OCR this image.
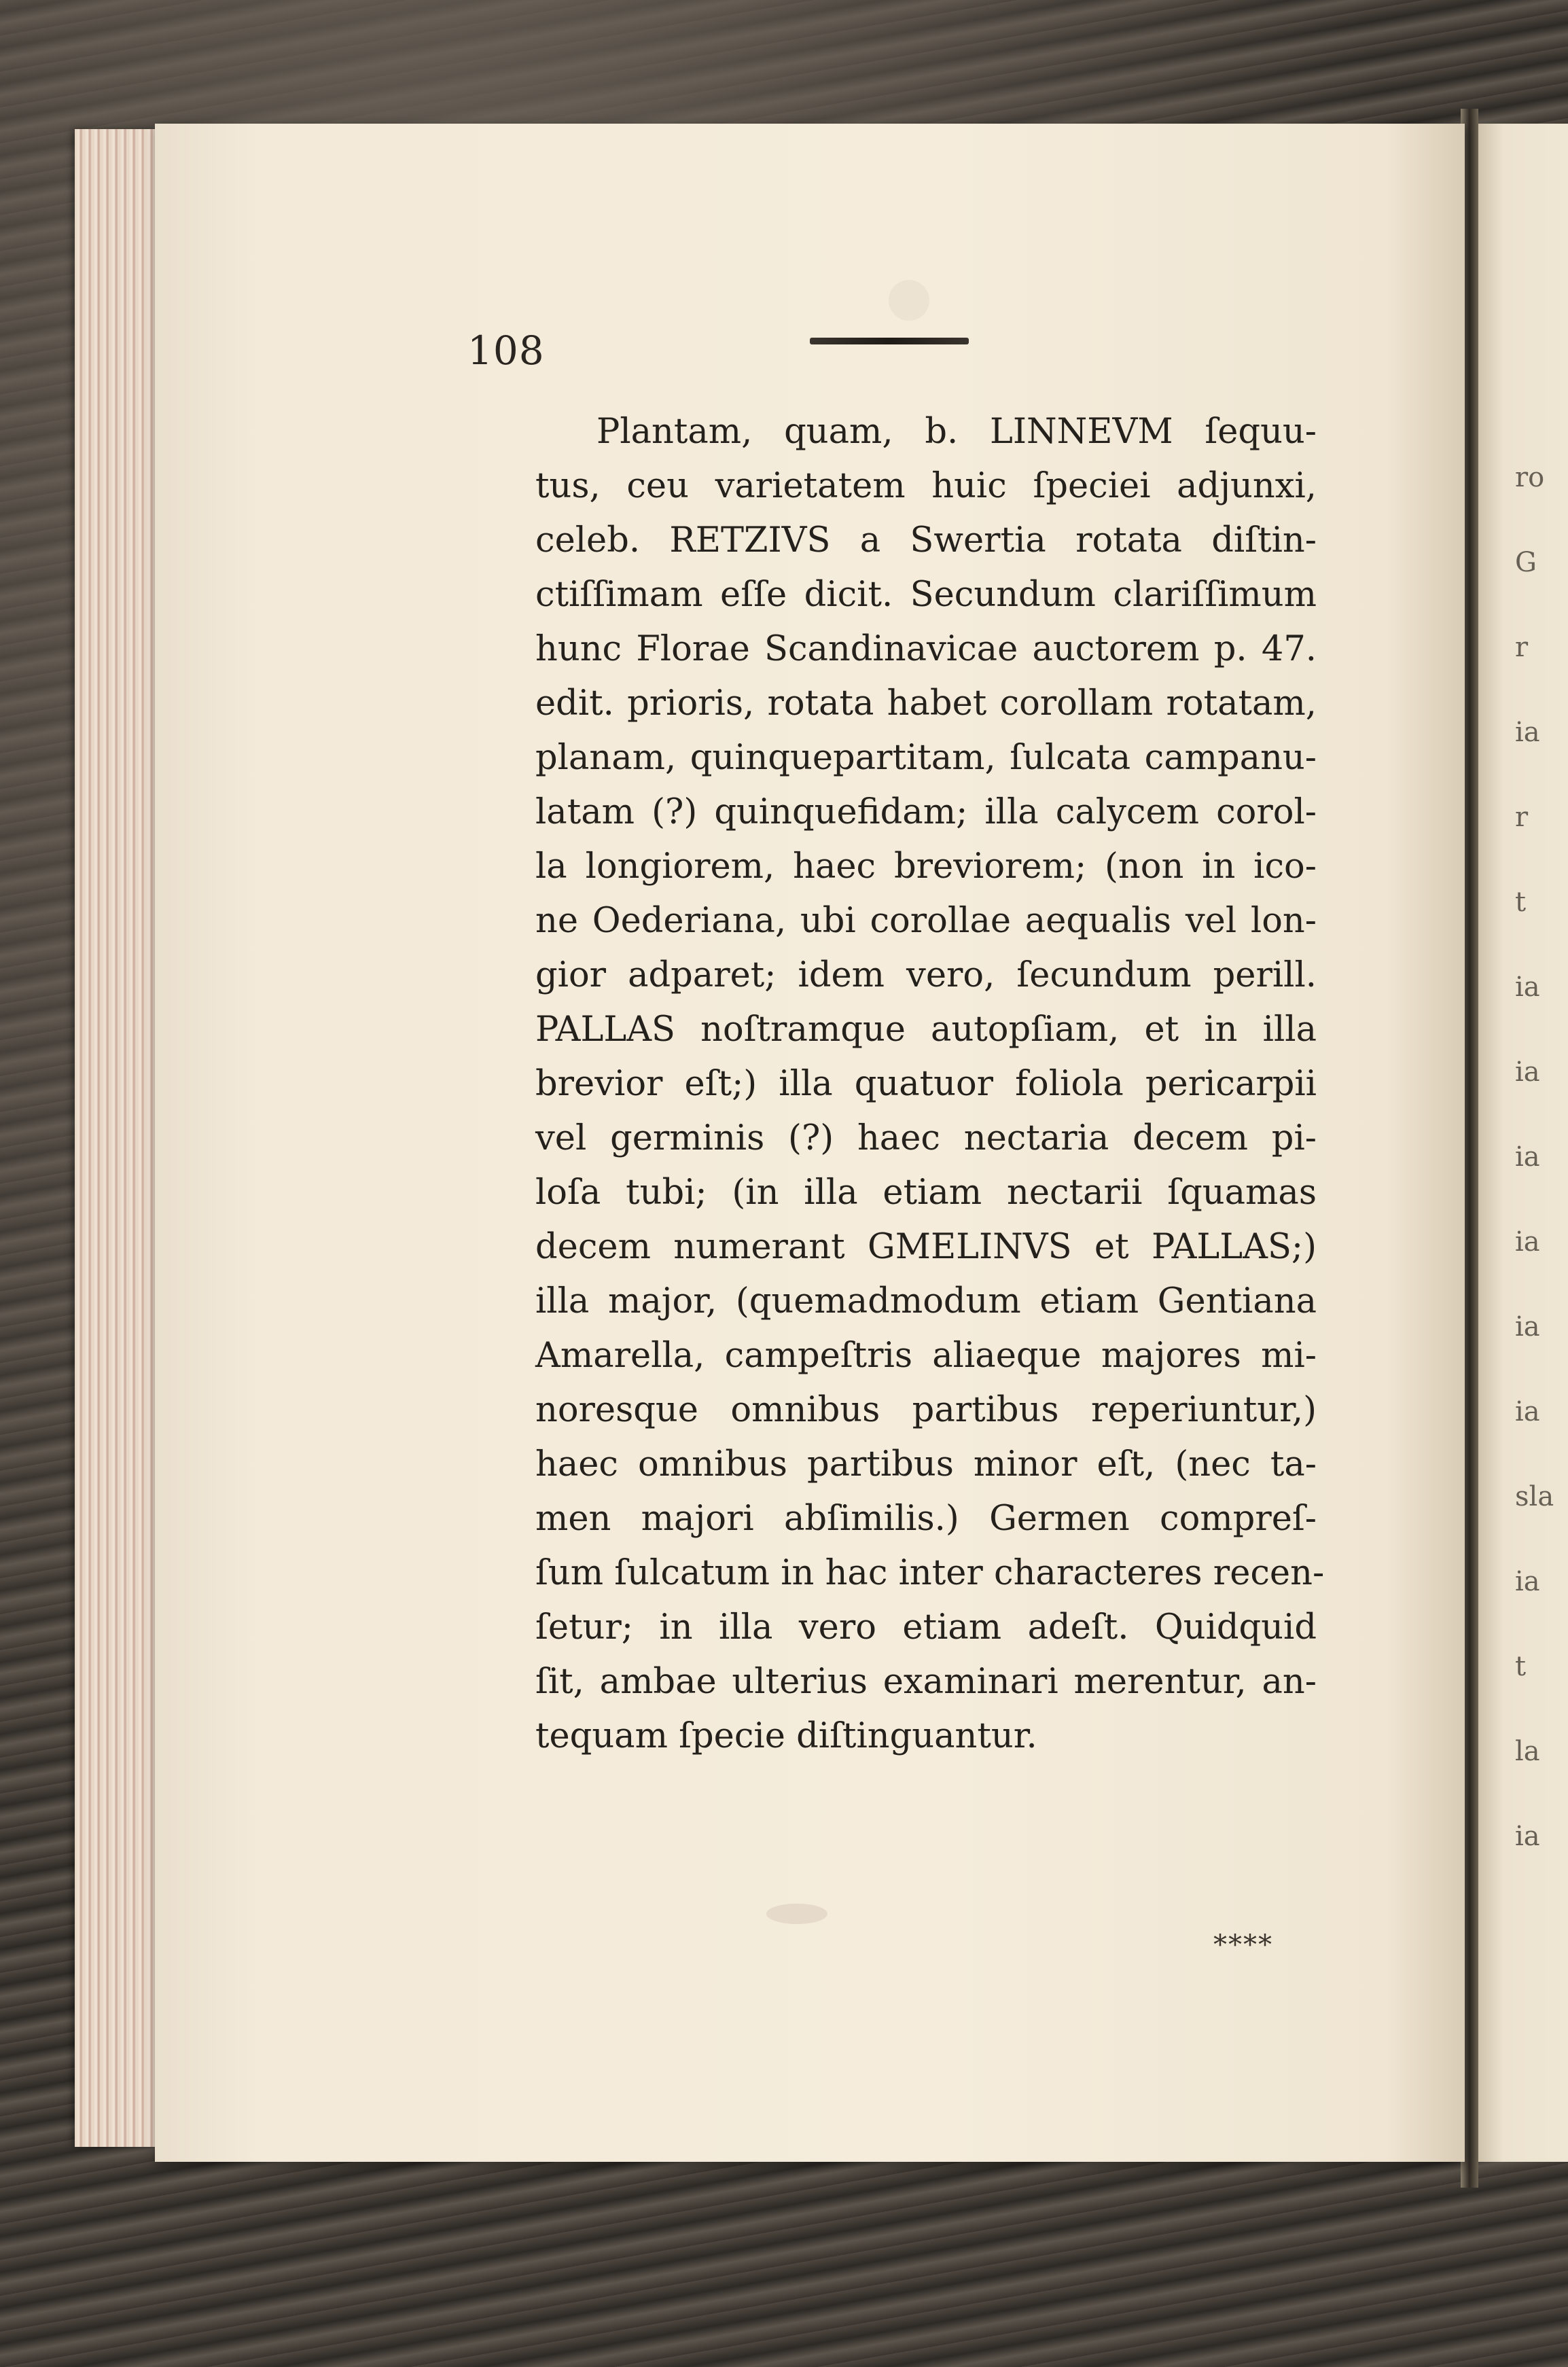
108
Plantam, quam, b. LINNEVM ſequu-
tus, ceu varietatem huic ſpeciei adjunxi,
celeb. RETZIVS a Swertia rotata diſtin-
ctiſſimam eſſe dicit. Secundum clariſſimum
hunc Florae Scandinavicae auctorem p. 47.
edit. prioris, rotata habet corollam rotatam,
planam, quinquepartitam, ſulcata campanu-
latam (?) quinquefidam; illa calycem corol-
la longiorem, haec breviorem; (non in ico-
ne Oederiana, ubi corollae aequalis vel lon-
gior adparet; idem vero, ſecundum perill.
PALLAS noſtramque autopſiam, et in illa
brevior eſt;) illa quatuor foliola pericarpii
vel germinis (?) haec nectaria decem pi-
loſa tubi; (in illa etiam nectarii ſquamas
decem numerant GMELINVS et PALLAS;)
illa major, (quemadmodum etiam Gentiana
Amarella, campeſtris aliaeque majores mi-
noresque omnibus partibus reperiuntur,)
haec omnibus partibus minor eſt, (nec ta-
men majori abſimilis.) Germen compreſ-
ſum ſulcatum in hac inter characteres recen-
ſetur; in illa vero etiam adeſt. Quidquid
ſit, ambae ulterius examinari merentur, an-
tequam ſpecie diſtinguantur.
****
ro
G
r
ia
r
t
ia
ia
ia
ia
ia
ia
sla
ia
t
la
ia
